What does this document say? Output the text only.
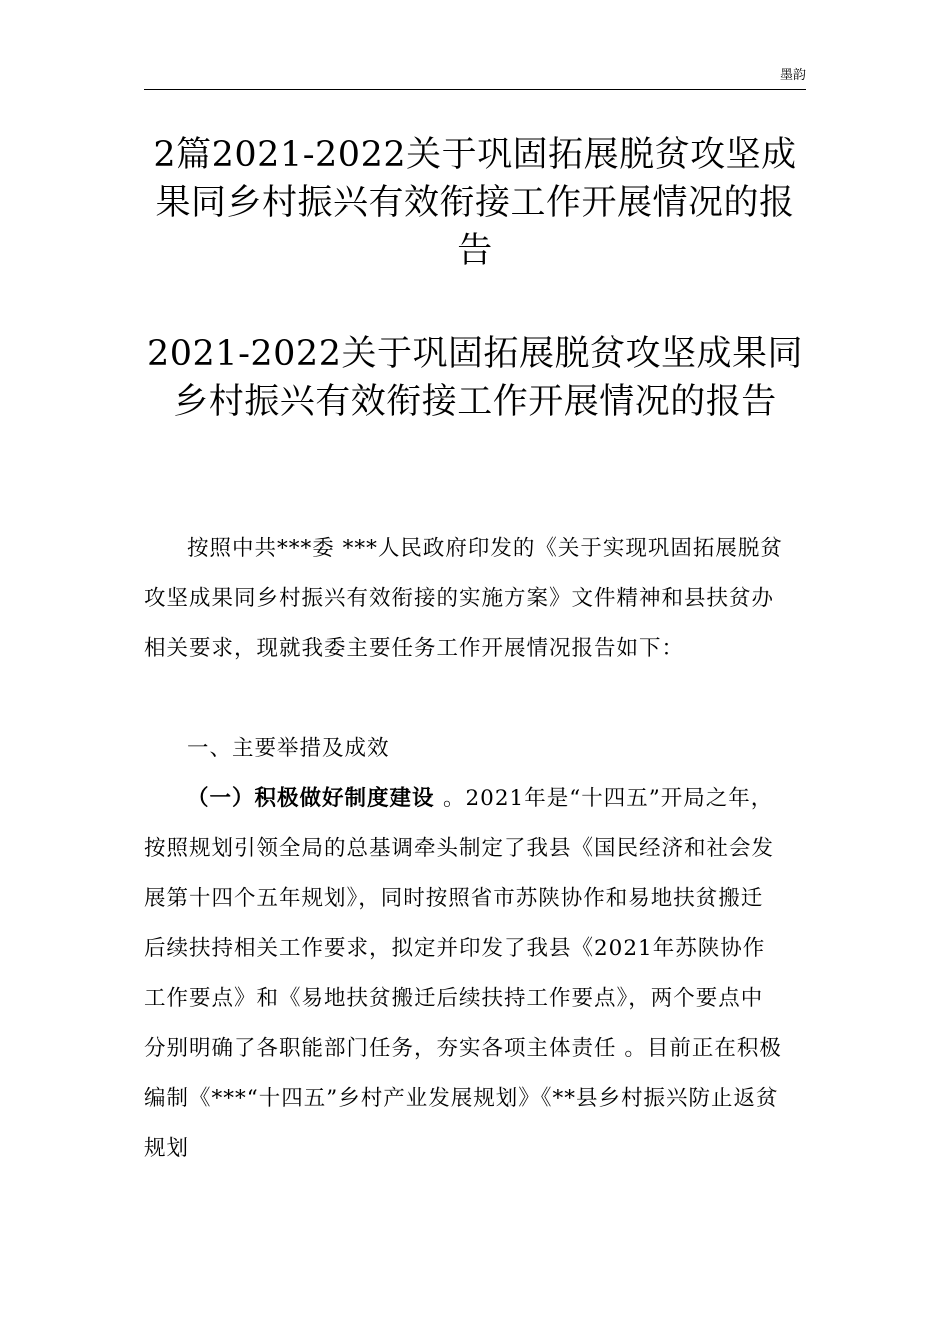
墨韵
2篇2021-2022关于巩固拓展脱贫攻坚成果同乡村振兴有效衔接工作开展情况的报告
2021-2022关于巩固拓展脱贫攻坚成果同乡村振兴有效衔接工作开展情况的报告

按照中共***委 ***人民政府印发的《关于实现巩固拓展脱贫攻坚成果同乡村振兴有效衔接的实施方案》文件精神和县扶贫办相关要求，现就我委主要任务工作开展情况报告如下：

一、主要举措及成效

（一）积极做好制度建设 。2021年是“十四五”开局之年，按照规划引领全局的总基调牵头制定了我县《国民经济和社会发展第十四个五年规划》，同时按照省市苏陕协作和易地扶贫搬迁后续扶持相关工作要求，拟定并印发了我县《2021年苏陕协作工作要点》和《易地扶贫搬迁后续扶持工作要点》，两个要点中分别明确了各职能部门任务，夯实各项主体责任 。目前正在积极编制《***“十四五”乡村产业发展规划》《**县乡村振兴防止返贫规划
